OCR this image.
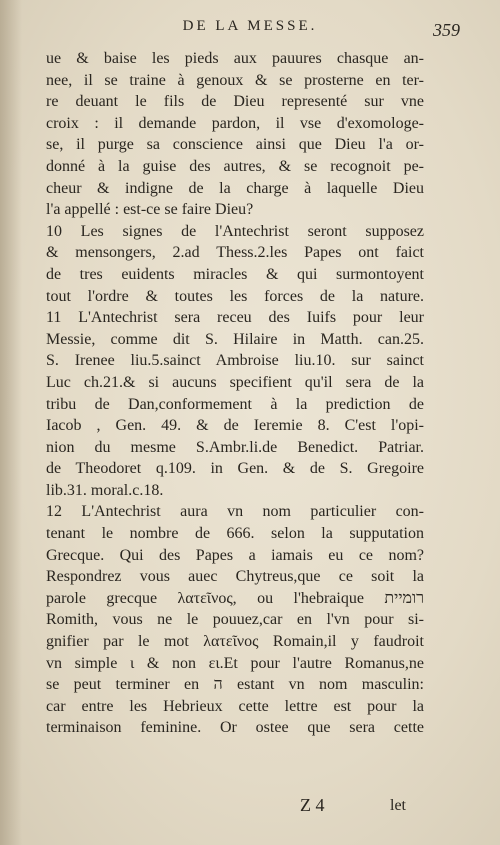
DE LA MESSE.	359
ue & baise les pieds aux pauures chasque an-
nee, il se traine à genoux & se prosterne en ter-
re deuant le fils de Dieu representé sur vne
croix : il demande pardon, il vse d'exomologe-
se, il purge sa conscience ainsi que Dieu l'a or-
donné à la guise des autres, & se recognoit pe-
cheur & indigne de la charge à laquelle Dieu
l'a appellé : est-ce se faire Dieu?
10 Les signes de l'Antechrist seront supposez
& mensongers, 2.ad Thess.2.les Papes ont faict
de tres euidents miracles & qui surmontoyent
tout l'ordre & toutes les forces de la nature.
11 L'Antechrist sera receu des Iuifs pour leur
Messie, comme dit S. Hilaire in Matth. can.25.
S. Irenee liu.5.sainct Ambroise liu.10. sur sainct
Luc ch.21.& si aucuns specifient qu'il sera de la
tribu de Dan,conformement à la prediction de
Iacob , Gen. 49. & de Ieremie 8. C'est l'opi-
nion du mesme S.Ambr.li.de Benedict. Patriar.
de Theodoret q.109. in Gen. & de S. Gregoire
lib.31. moral.c.18.
12 L'Antechrist aura vn nom particulier con-
tenant le nombre de 666. selon la supputation
Grecque. Qui des Papes a iamais eu ce nom?
Respondrez vous auec Chytreus,que ce soit la
parole grecque λατεῖνος, ou l'hebraique רומיית
Romith, vous ne le pouuez,car en l'vn pour si-
gnifier par le mot λατεῖνος Romain,il y faudroit
vn simple ι & non ει.Et pour l'autre Romanus,ne
se peut terminer en ה estant vn nom masculin:
car entre les Hebrieux cette lettre est pour la
terminaison feminine. Or ostee que sera cette
Z 4	let
